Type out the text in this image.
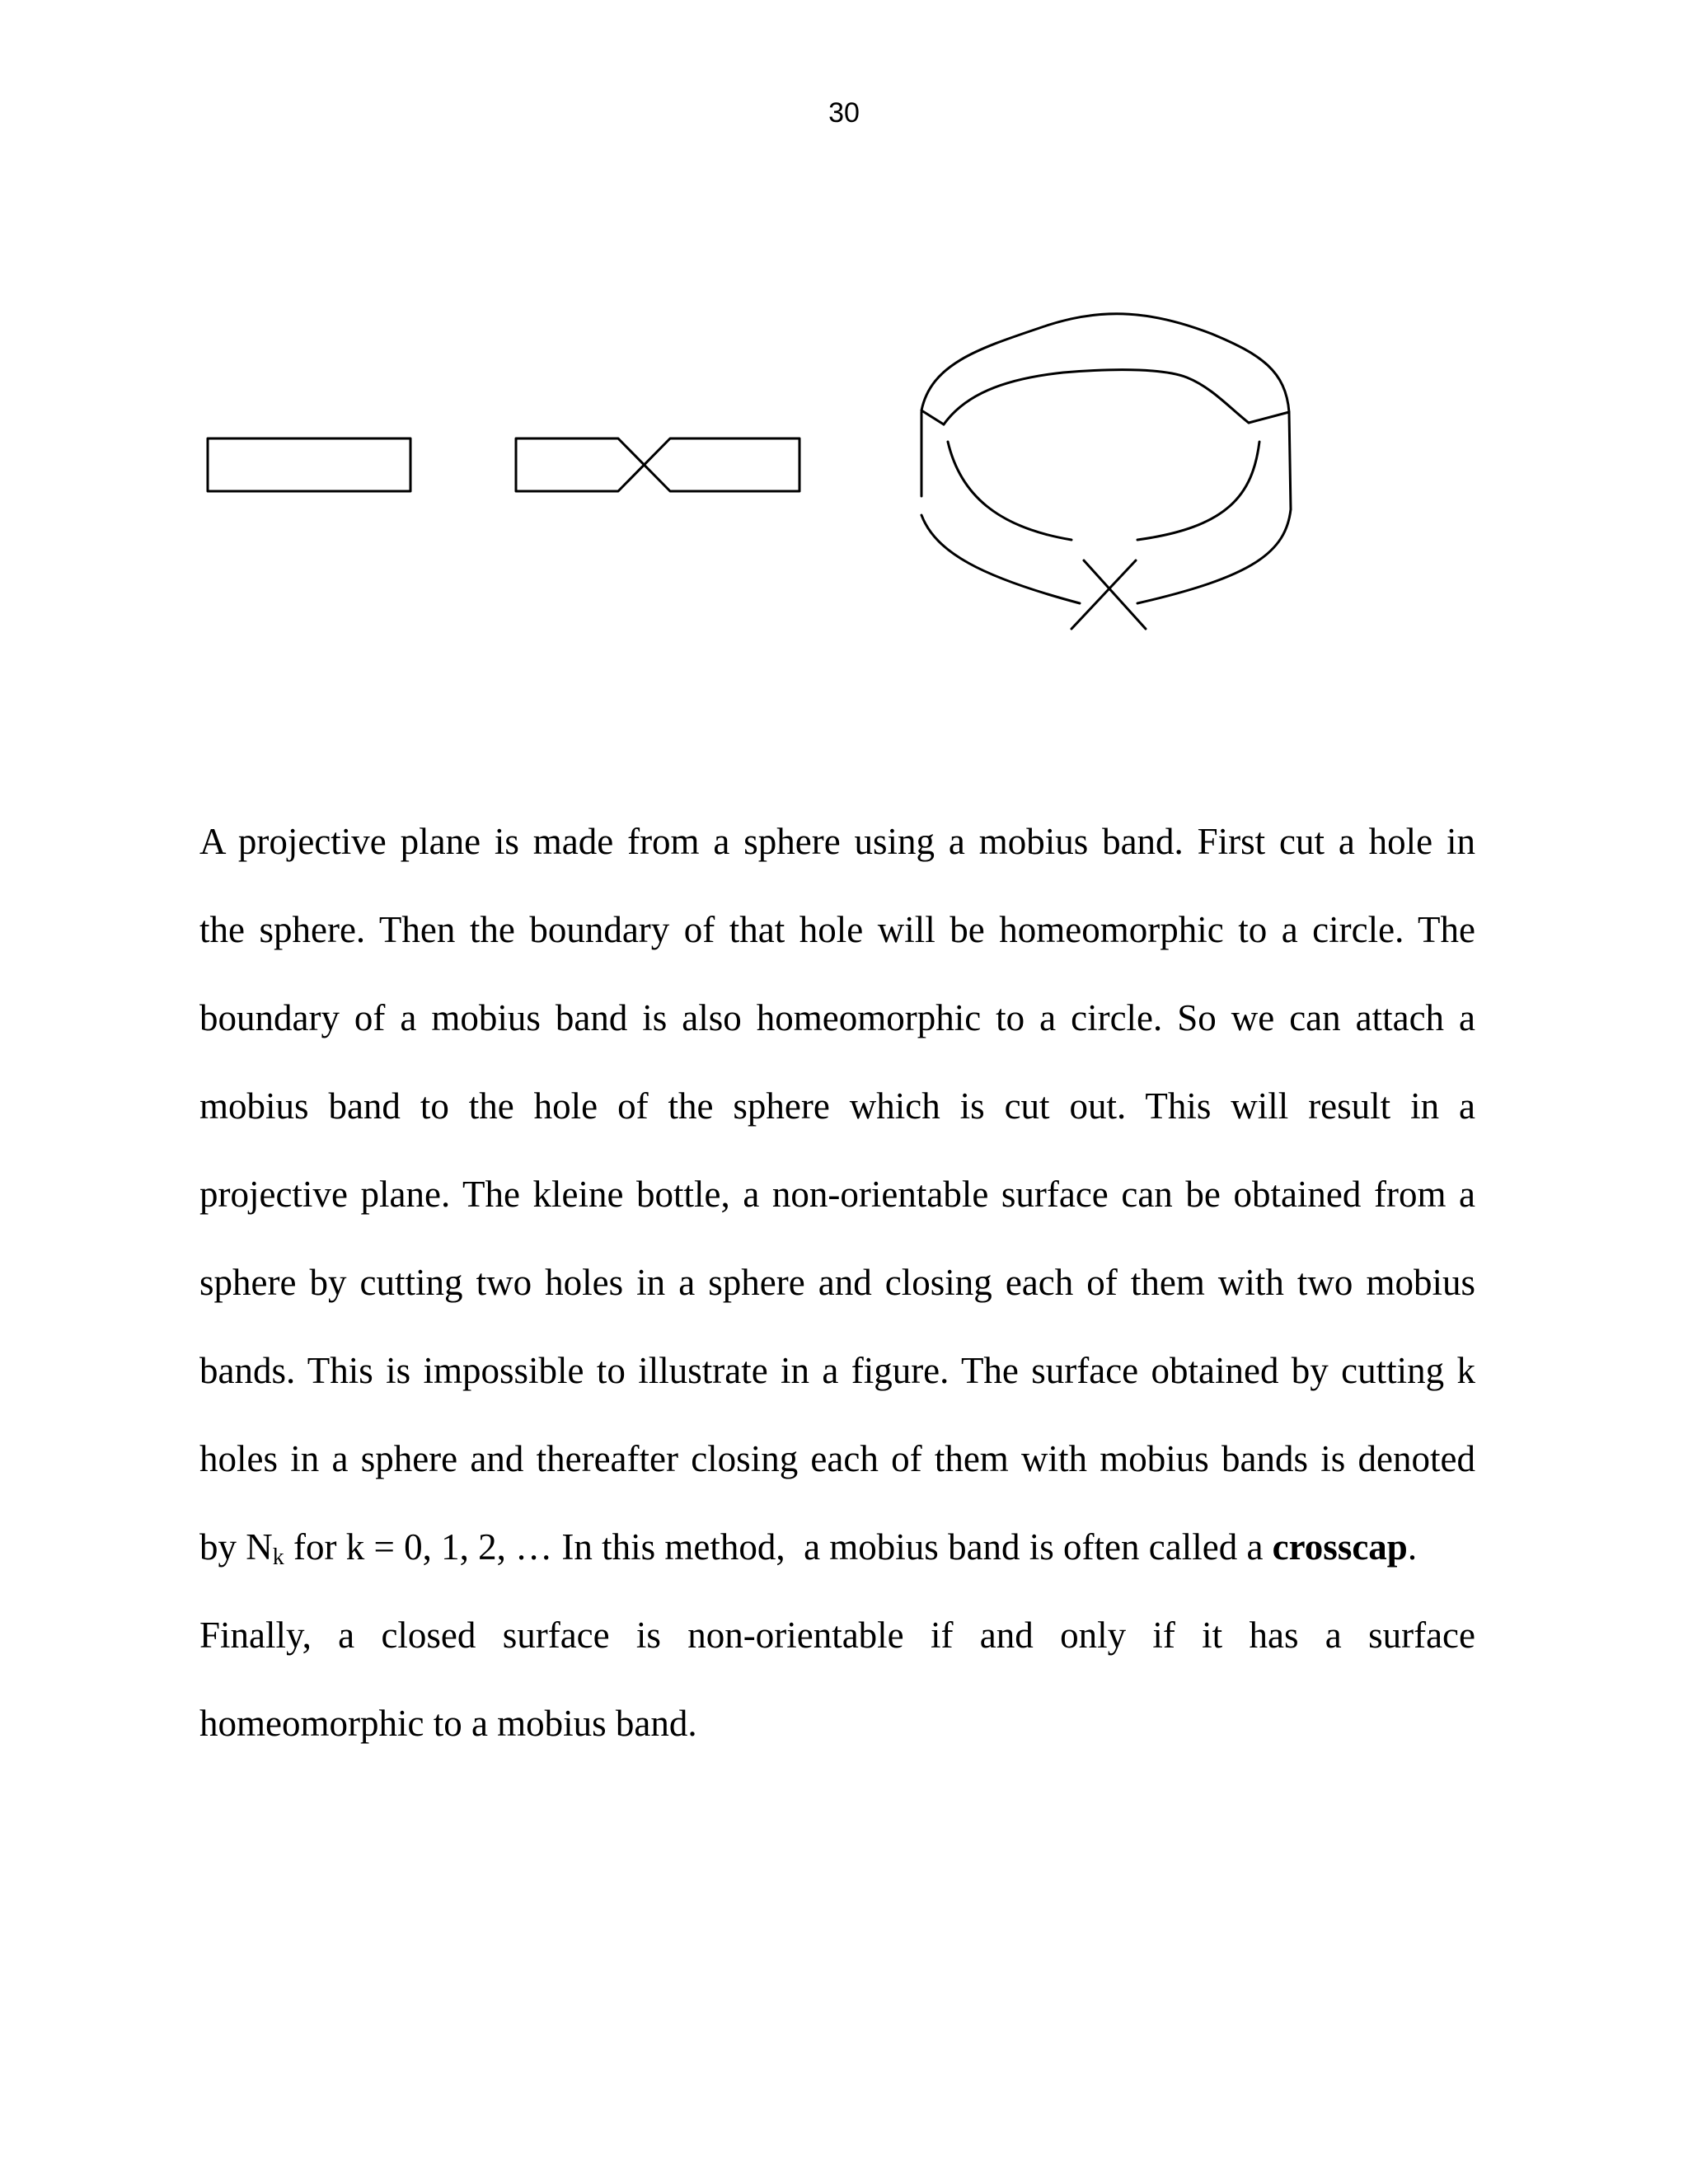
30
A projective plane is made from a sphere using a mobius band. First cut a hole in
the sphere. Then the boundary of that hole will be homeomorphic to a circle. The
boundary of a mobius band is also homeomorphic to a circle. So we can attach a
mobius band to the hole of the sphere which is cut out. This will result in a
projective plane. The kleine bottle, a non-orientable surface can be obtained from a
sphere by cutting two holes in a sphere and closing each of them with two mobius
bands. This is impossible to illustrate in a figure. The surface obtained by cutting k
holes in a sphere and thereafter closing each of them with mobius bands is denoted
by $N_k$ for k = 0, 1, 2, … In this method,  a mobius band is often called a crosscap.
Finally, a closed surface is non-orientable if and only if it has a surface
homeomorphic to a mobius band.
